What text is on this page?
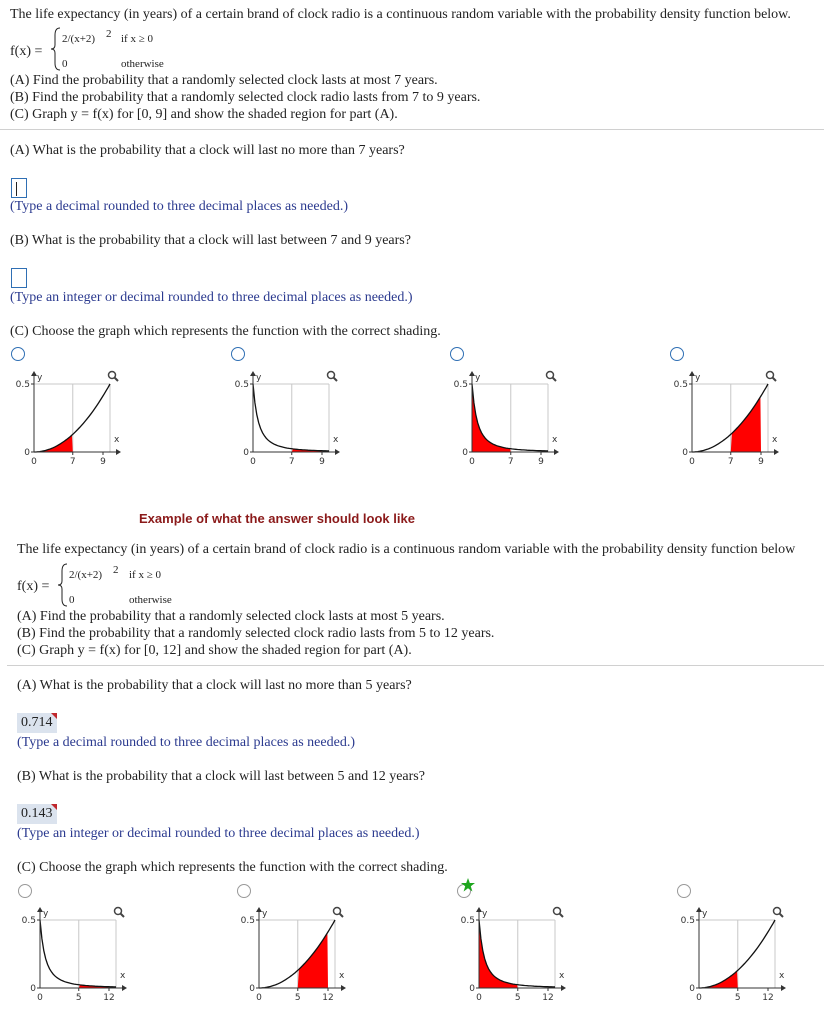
The life expectancy (in years) of a certain brand of clock radio is a continuous random variable with the probability density function below.
f(x) =
2/(x+2) 2 if x ≥ 0
0	otherwise
(A) Find the probability that a randomly selected clock lasts at most 7 years.
(B) Find the probability that a randomly selected clock radio lasts from 7 to 9 years.
(C) Graph y = f(x) for [0, 9] and show the shaded region for part (A).
(A) What is the probability that a clock will last no more than 7 years?
(Type a decimal rounded to three decimal places as needed.)
(B) What is the probability that a clock will last between 7 and 9 years?
(Type an integer or decimal rounded to three decimal places as needed.)
(C) Choose the graph which represents the function with the correct shading.
y
x
0.5
0
0	7	9
y
x
0.5
0
0	7	9
y
x
0.5
0
0	7	9
y
x
0.5
0
0	7	9
Example of what the answer should look like
The life expectancy (in years) of a certain brand of clock radio is a continuous random variable with the probability density function below
f(x) =
2/(x+2) 2 if x ≥ 0
0	otherwise
(A) Find the probability that a randomly selected clock lasts at most 5 years.
(B) Find the probability that a randomly selected clock radio lasts from 5 to 12 years.
(C) Graph y = f(x) for [0, 12] and show the shaded region for part (A).
(A) What is the probability that a clock will last no more than 5 years?
0.714
(Type a decimal rounded to three decimal places as needed.)
(B) What is the probability that a clock will last between 5 and 12 years?
0.143
(Type an integer or decimal rounded to three decimal places as needed.)
(C) Choose the graph which represents the function with the correct shading.
y
x
0.5
0
0	5 12
y
x
0.5
0
0	5 12
y
x
0.5
0
0	5 12
y
x
0.5
0
0	5 12
